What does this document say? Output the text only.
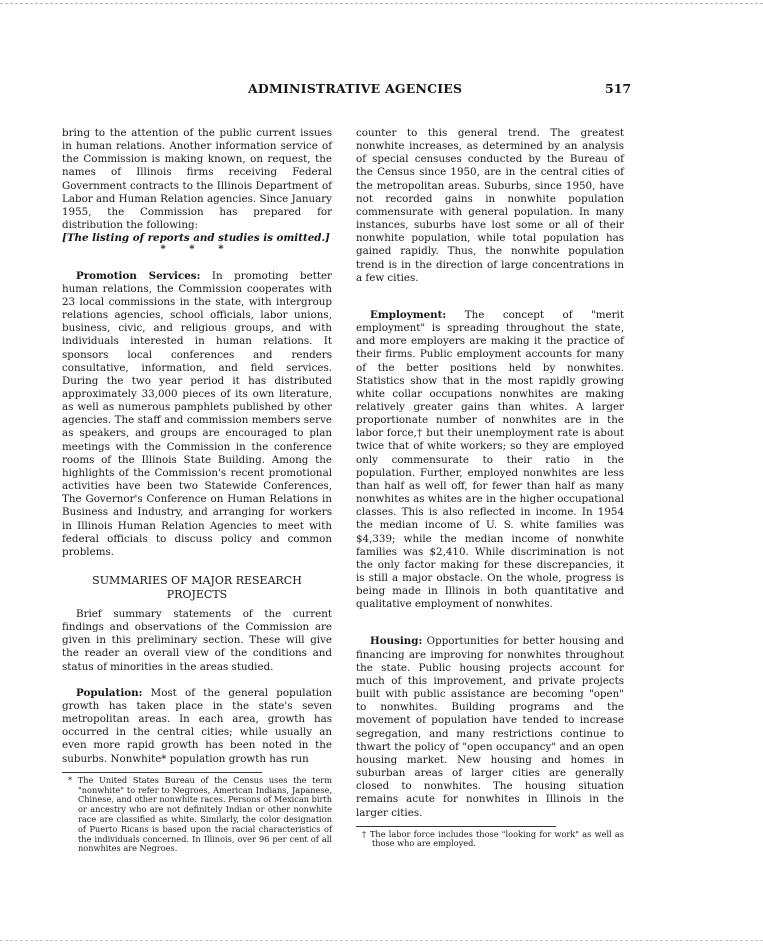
ADMINISTRATIVE AGENCIES	517

bring to the attention of the public current issues in human relations. Another information service of the Commission is making known, on request, the names of Illinois firms receiving Federal Government contracts to the Illinois Department of Labor and Human Relation agencies. Since January 1955, the Commission has prepared for distribution the following:

[The listing of reports and studies is omitted.]

* * *

Promotion Services: In promoting better human relations, the Commission cooperates with 23 local commissions in the state, with intergroup relations agencies, school officials, labor unions, business, civic, and religious groups, and with individuals interested in human relations. It sponsors local conferences and renders consultative, information, and field services. During the two year period it has distributed approximately 33,000 pieces of its own literature, as well as numerous pamphlets published by other agencies. The staff and commission members serve as speakers, and groups are encouraged to plan meetings with the Commission in the conference rooms of the Illinois State Building. Among the highlights of the Commission's recent promotional activities have been two Statewide Conferences, The Governor's Conference on Human Relations in Business and Industry, and arranging for workers in Illinois Human Relation Agencies to meet with federal officials to discuss policy and common problems.

SUMMARIES OF MAJOR RESEARCH PROJECTS

Brief summary statements of the current findings and observations of the Commission are given in this preliminary section. These will give the reader an overall view of the conditions and status of minorities in the areas studied.

Population: Most of the general population growth has taken place in the state's seven metropolitan areas. In each area, growth has occurred in the central cities; while usually an even more rapid growth has been noted in the suburbs. Nonwhite* population growth has run

* The United States Bureau of the Census uses the term "nonwhite" to refer to Negroes, American Indians, Japanese, Chinese, and other nonwhite races. Persons of Mexican birth or ancestry who are not definitely Indian or other nonwhite race are classified as white. Similarly, the color designation of Puerto Ricans is based upon the racial characteristics of the individuals concerned. In Illinois, over 96 per cent of all nonwhites are Negroes.

counter to this general trend. The greatest nonwhite increases, as determined by an analysis of special censuses conducted by the Bureau of the Census since 1950, are in the central cities of the metropolitan areas. Suburbs, since 1950, have not recorded gains in nonwhite population commensurate with general population. In many instances, suburbs have lost some or all of their nonwhite population, while total population has gained rapidly. Thus, the nonwhite population trend is in the direction of large concentrations in a few cities.

Employment: The concept of "merit employment" is spreading throughout the state, and more employers are making it the practice of their firms. Public employment accounts for many of the better positions held by nonwhites. Statistics show that in the most rapidly growing white collar occupations nonwhites are making relatively greater gains than whites. A larger proportionate number of nonwhites are in the labor force,† but their unemployment rate is about twice that of white workers; so they are employed only commensurate to their ratio in the population. Further, employed nonwhites are less than half as well off, for fewer than half as many nonwhites as whites are in the higher occupational classes. This is also reflected in income. In 1954 the median income of U. S. white families was $4,339; while the median income of nonwhite families was $2,410. While discrimination is not the only factor making for these discrepancies, it is still a major obstacle. On the whole, progress is being made in Illinois in both quantitative and qualitative employment of nonwhites.

Housing: Opportunities for better housing and financing are improving for nonwhites throughout the state. Public housing projects account for much of this improvement, and private projects built with public assistance are becoming "open" to nonwhites. Building programs and the movement of population have tended to increase segregation, and many restrictions continue to thwart the policy of "open occupancy" and an open housing market. New housing and homes in suburban areas of larger cities are generally closed to nonwhites. The housing situation remains acute for nonwhites in Illinois in the larger cities.

† The labor force includes those "looking for work" as well as those who are employed.
